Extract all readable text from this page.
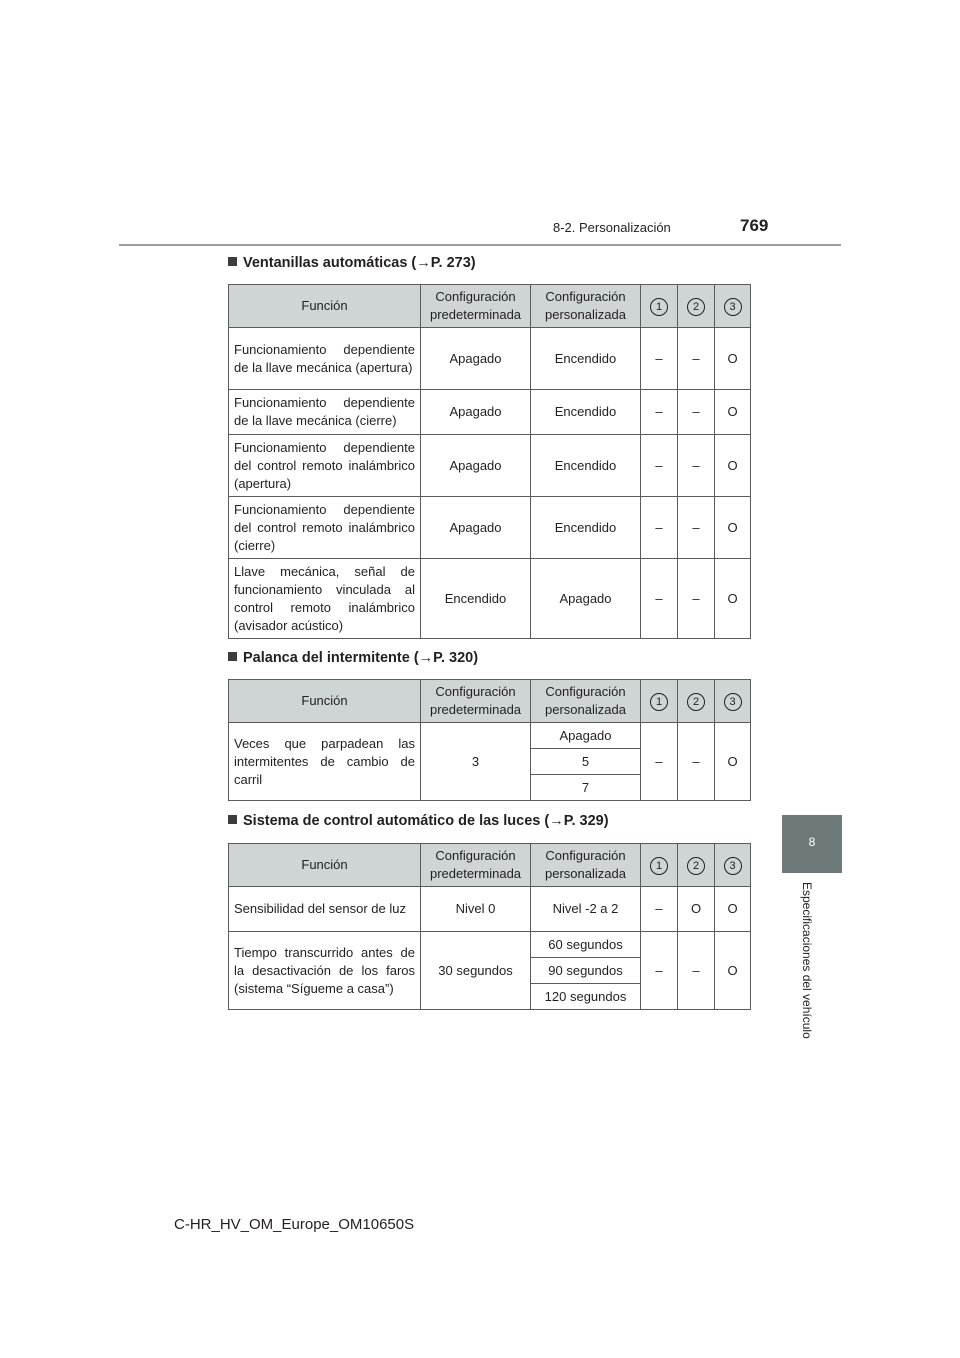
8-2. Personalización	769
8
Especificaciones del vehículo
Ventanillas automáticas (→P. 273)
Función	Configuración predeterminada	Configuración personalizada	1	2	3
Funcionamiento dependiente de la llave mecánica (apertura)	Apagado	Encendido	–	–	O
Funcionamiento dependiente de la llave mecánica (cierre)	Apagado	Encendido	–	–	O
Funcionamiento dependiente del control remoto inalámbrico (apertura)	Apagado	Encendido	–	–	O
Funcionamiento dependiente del control remoto inalámbrico (cierre)	Apagado	Encendido	–	–	O
Llave mecánica, señal de funcionamiento vinculada al control remoto inalámbrico (avisador acústico)	Encendido	Apagado	–	–	O
Palanca del intermitente (→P. 320)
Función	Configuración predeterminada	Configuración personalizada	1	2	3
Veces que parpadean las intermitentes de cambio de carril	3	Apagado	–	–	O
		5			
		7			
Sistema de control automático de las luces (→P. 329)
Función	Configuración predeterminada	Configuración personalizada	1	2	3
Sensibilidad del sensor de luz	Nivel 0	Nivel -2 a 2	–	O	O
Tiempo transcurrido antes de la desactivación de los faros (sistema “Sígueme a casa”)	30 segundos	60 segundos	–	–	O
		90 segundos			
		120 segundos			
C-HR_HV_OM_Europe_OM10650S
